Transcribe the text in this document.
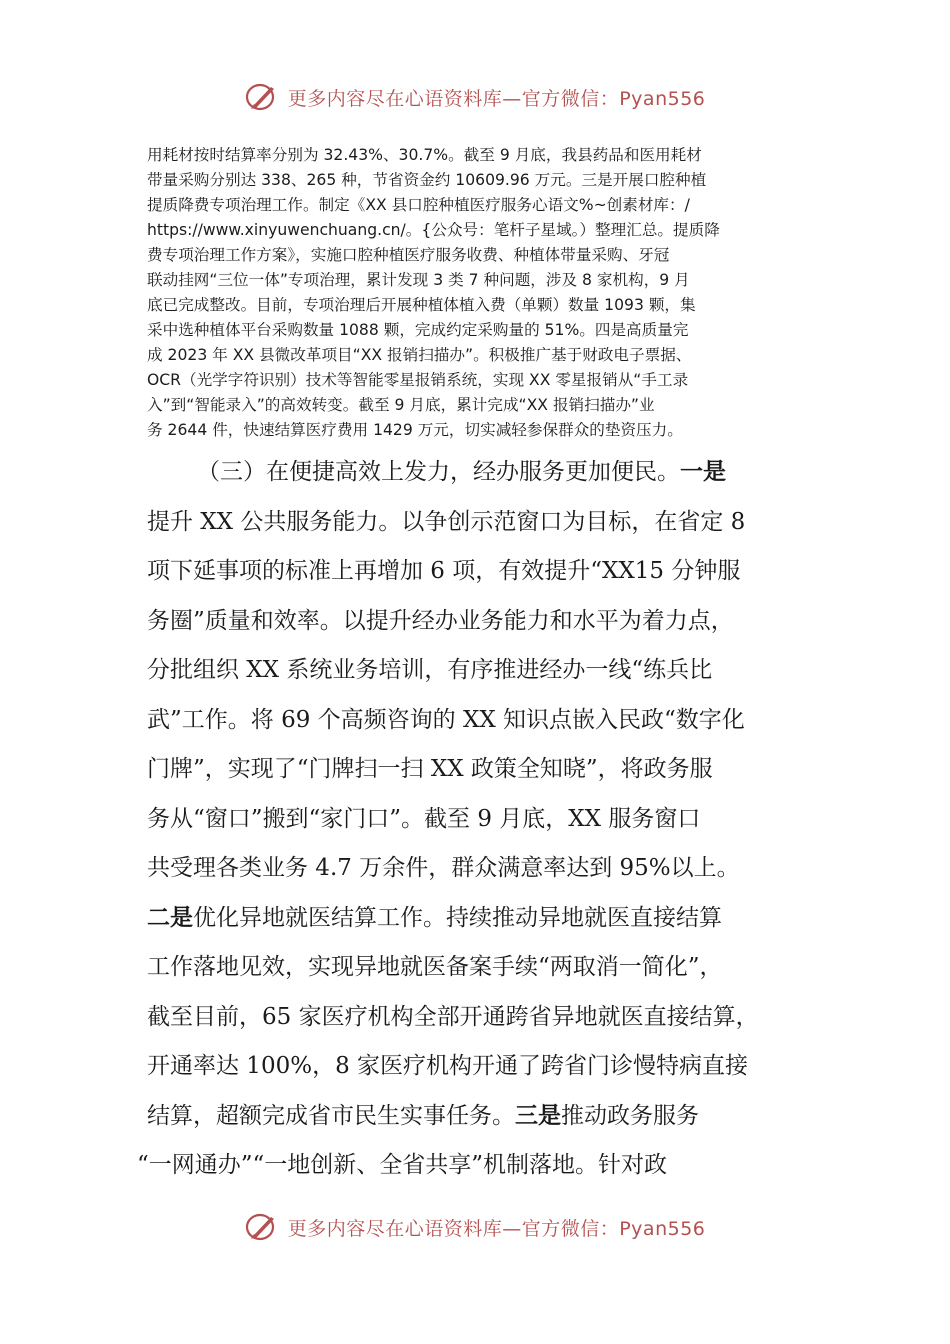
更多内容尽在心语资料库—官方微信：Pyan556
用耗材按时结算率分别为 32.43%、30.7%。截至 9 月底，我县药品和医用耗材
带量采购分别达 338、265 种，节省资金约 10609.96 万元。三是开展口腔种植
提质降费专项治理工作。制定《XX 县口腔种植医疗服务心语文%~创素材库：/
https://www.xinyuwenchuang.cn/。{公众号：笔杆子星域。）整理汇总。提质降
费专项治理工作方案》，实施口腔种植医疗服务收费、种植体带量采购、牙冠
联动挂网“三位一体”专项治理，累计发现 3 类 7 种问题，涉及 8 家机构，9 月
底已完成整改。目前，专项治理后开展种植体植入费（单颗）数量 1093 颗，集
采中选种植体平台采购数量 1088 颗，完成约定采购量的 51%。四是高质量完
成 2023 年 XX 县微改革项目“XX 报销扫描办”。积极推广基于财政电子票据、
OCR（光学字符识别）技术等智能零星报销系统，实现 XX 零星报销从“手工录
入”到“智能录入”的高效转变。截至 9 月底，累计完成“XX 报销扫描办”业
务 2644 件，快速结算医疗费用 1429 万元，切实减轻参保群众的垫资压力。
（三）在便捷高效上发力，经办服务更加便民。一是
提升 XX 公共服务能力。以争创示范窗口为目标，在省定 8
项下延事项的标准上再增加 6 项，有效提升“XX15 分钟服
务圈”质量和效率。以提升经办业务能力和水平为着力点，
分批组织 XX 系统业务培训，有序推进经办一线“练兵比
武”工作。将 69 个高频咨询的 XX 知识点嵌入民政“数字化
门牌”，实现了“门牌扫一扫 XX 政策全知晓”，将政务服
务从“窗口”搬到“家门口”。截至 9 月底，XX 服务窗口
共受理各类业务 4.7 万余件，群众满意率达到 95%以上。
二是优化异地就医结算工作。持续推动异地就医直接结算
工作落地见效，实现异地就医备案手续“两取消一简化”，
截至目前，65 家医疗机构全部开通跨省异地就医直接结算，
开通率达 100%，8 家医疗机构开通了跨省门诊慢特病直接
结算，超额完成省市民生实事任务。三是推动政务服务
“一网通办”“一地创新、全省共享”机制落地。针对政
更多内容尽在心语资料库—官方微信：Pyan556
